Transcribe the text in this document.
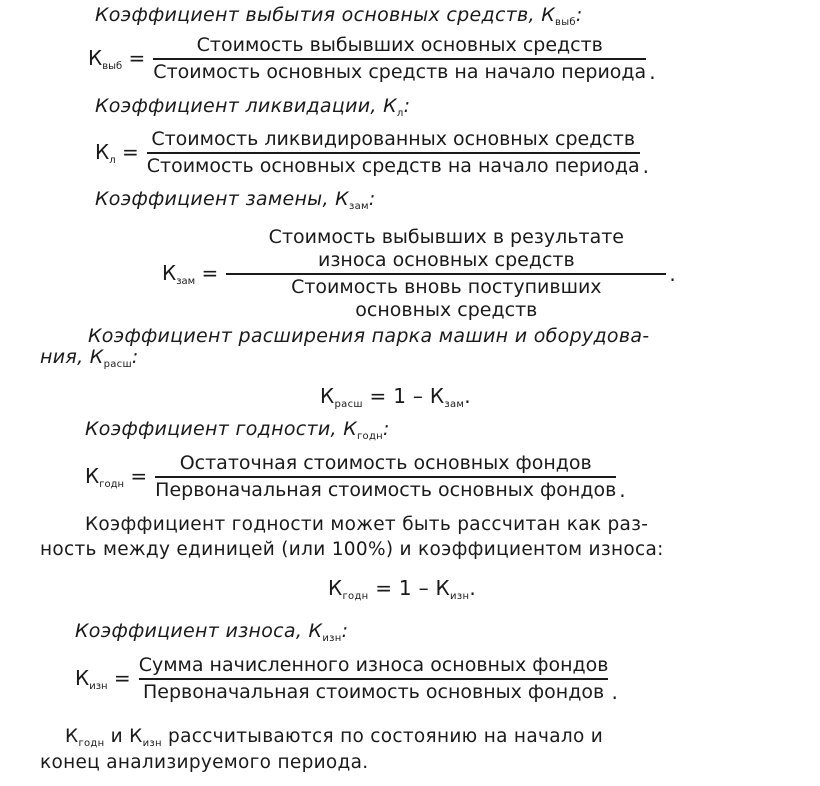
Коэффициент выбытия основных средств, $К_{выб}$:
$К_{выб} = \frac{\text{Стоимость выбывших основных средств}}{\text{Стоимость основных средств на начало периода}}$ .
Коэффициент ликвидации, $К_л$:
$К_л = \frac{\text{Стоимость ликвидированных основных средств}}{\text{Стоимость основных средств на начало периода}}$ .
Коэффициент замены, $К_{зам}$:
$К_{зам}$ =
Стоимость выбывших в результате
износа основных средств
Стоимость вновь поступивших
основных средств
.
Коэффициент расширения парка машин и оборудова-
ния, $К_{расш}$:
$К_{расш} = 1 - К_{зам}$.
Коэффициент годности, $К_{годн}$:
$К_{годн} = \frac{\text{Остаточная стоимость основных фондов}}{\text{Первоначальная стоимость основных фондов}}$ .
Коэффициент годности может быть рассчитан как раз-
ность между единицей (или 100%) и коэффициентом износа:
$К_{годн} = 1 - К_{изн}$.
Коэффициент износа, $К_{изн}$:
$К_{изн} = \frac{\text{Сумма начисленного износа основных фондов}}{\text{Первоначальная стоимость основных фондов}}$ .
$К_{годн}$ и $К_{изн}$ рассчитываются по состоянию на начало и
конец анализируемого периода.
